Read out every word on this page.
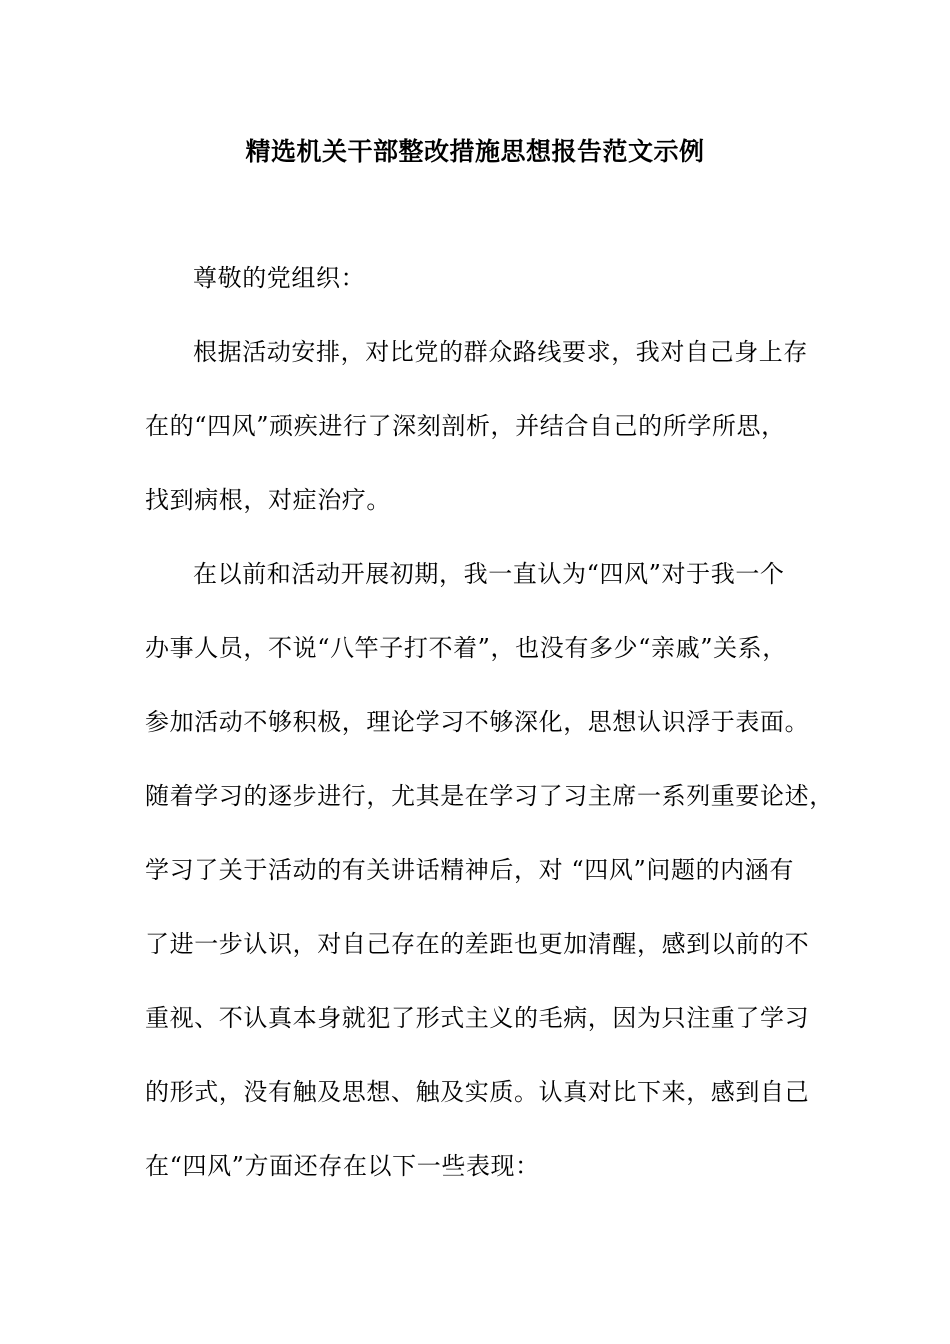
精选机关干部整改措施思想报告范文示例
尊敬的党组织：
根据活动安排，对比党的群众路线要求，我对自己身上存
在的“四风”顽疾进行了深刻剖析，并结合自己的所学所思，
找到病根，对症治疗。
在以前和活动开展初期，我一直认为“四风”对于我一个
办事人员，不说“八竿子打不着”，也没有多少“亲戚”关系，
参加活动不够积极，理论学习不够深化，思想认识浮于表面。
随着学习的逐步进行，尤其是在学习了习主席一系列重要论述，
学习了关于活动的有关讲话精神后，对 “四风”问题的内涵有
了进一步认识，对自己存在的差距也更加清醒，感到以前的不
重视、不认真本身就犯了形式主义的毛病，因为只注重了学习
的形式，没有触及思想、触及实质。认真对比下来，感到自己
在“四风”方面还存在以下一些表现：
